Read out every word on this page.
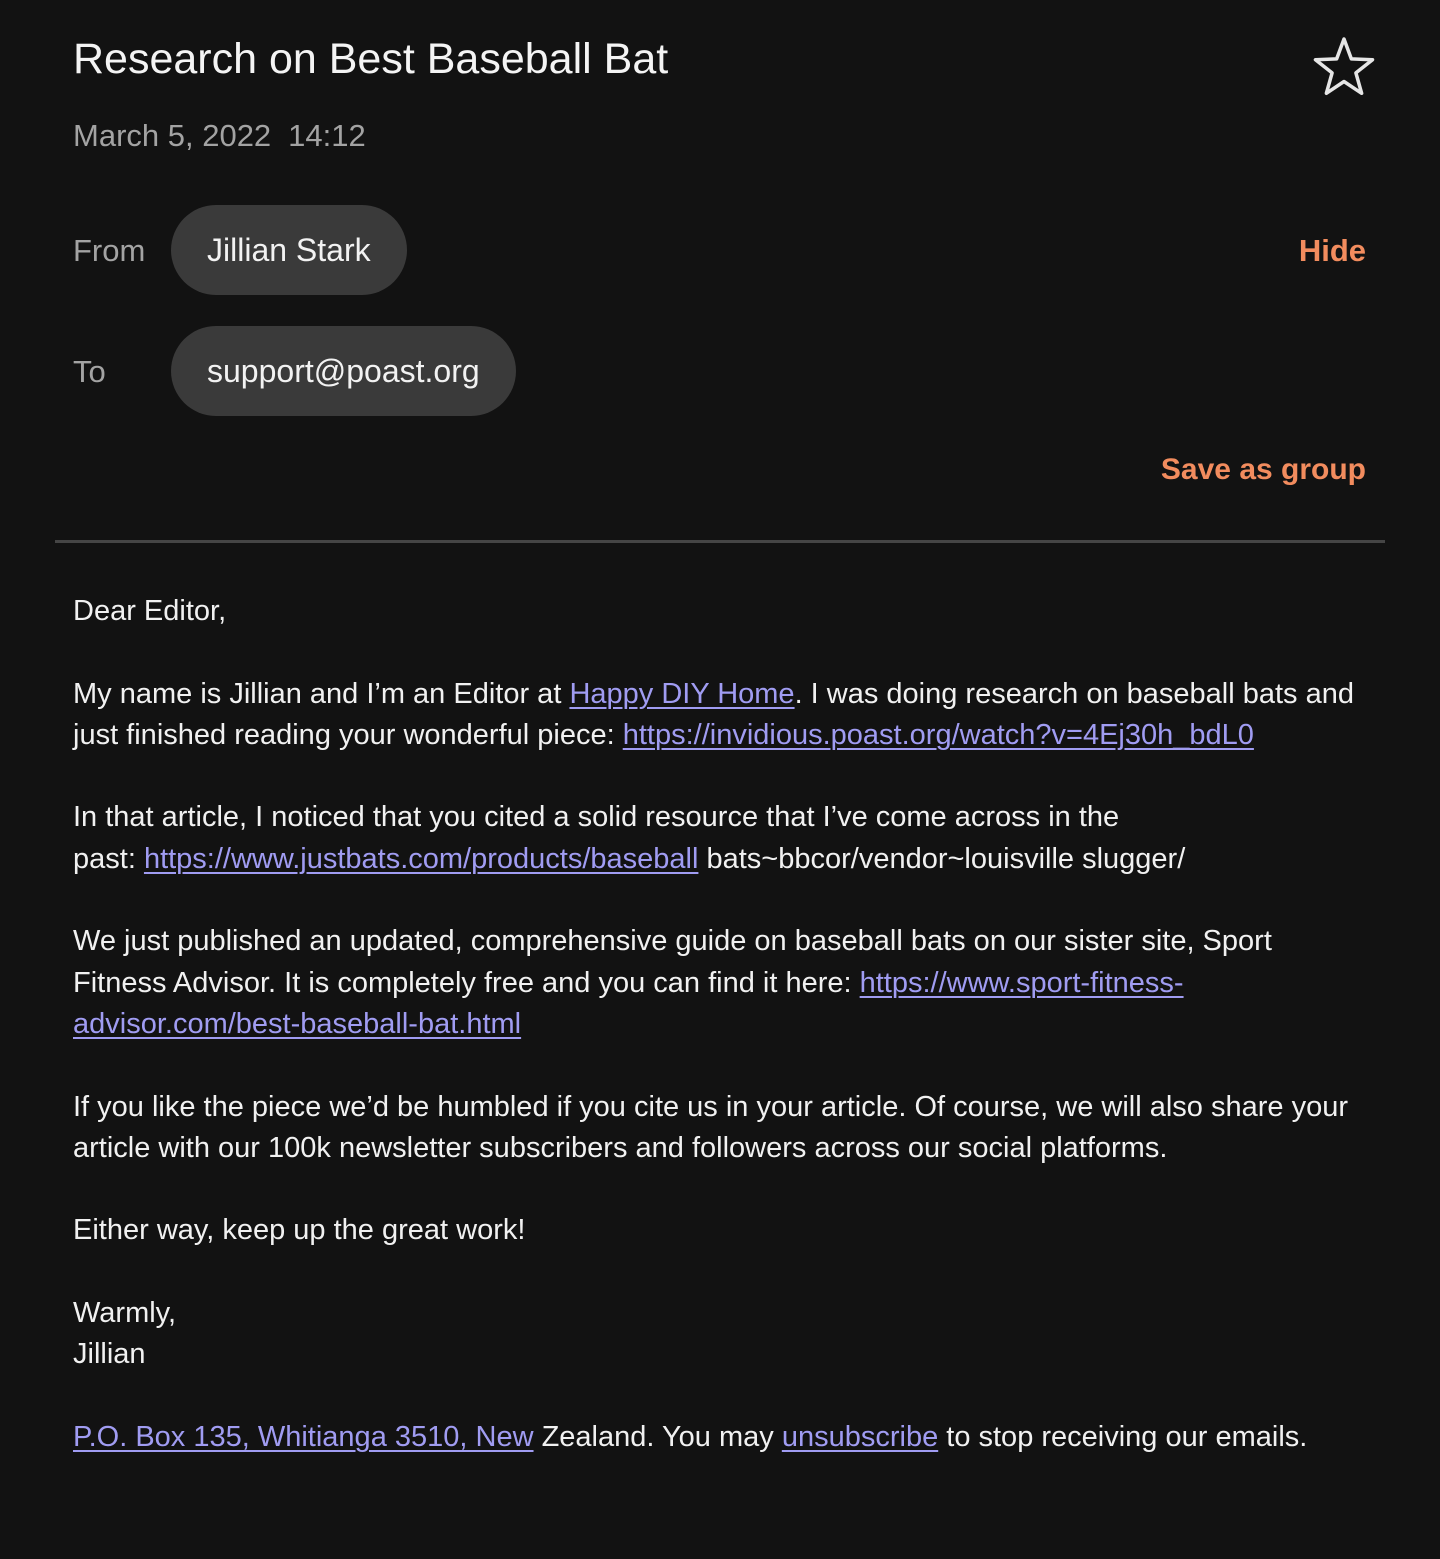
Research on Best Baseball Bat
March 5, 2022 14:12
From	Jillian Stark	Hide
To	support@poast.org
Save as group
Dear Editor,
My name is Jillian and I’m an Editor at Happy DIY Home. I was doing research on baseball bats and
just finished reading your wonderful piece: https://invidious.poast.org/watch?v=4Ej30h_bdL0
In that article, I noticed that you cited a solid resource that I’ve come across in the
past: https://www.justbats.com/products/baseball bats~bbcor/vendor~louisville slugger/
We just published an updated, comprehensive guide on baseball bats on our sister site, Sport
Fitness Advisor. It is completely free and you can find it here: https://www.sport-fitness-
advisor.com/best-baseball-bat.html
If you like the piece we’d be humbled if you cite us in your article. Of course, we will also share your
article with our 100k newsletter subscribers and followers across our social platforms.
Either way, keep up the great work!
Warmly,
Jillian
P.O. Box 135, Whitianga 3510, New Zealand. You may unsubscribe to stop receiving our emails.
